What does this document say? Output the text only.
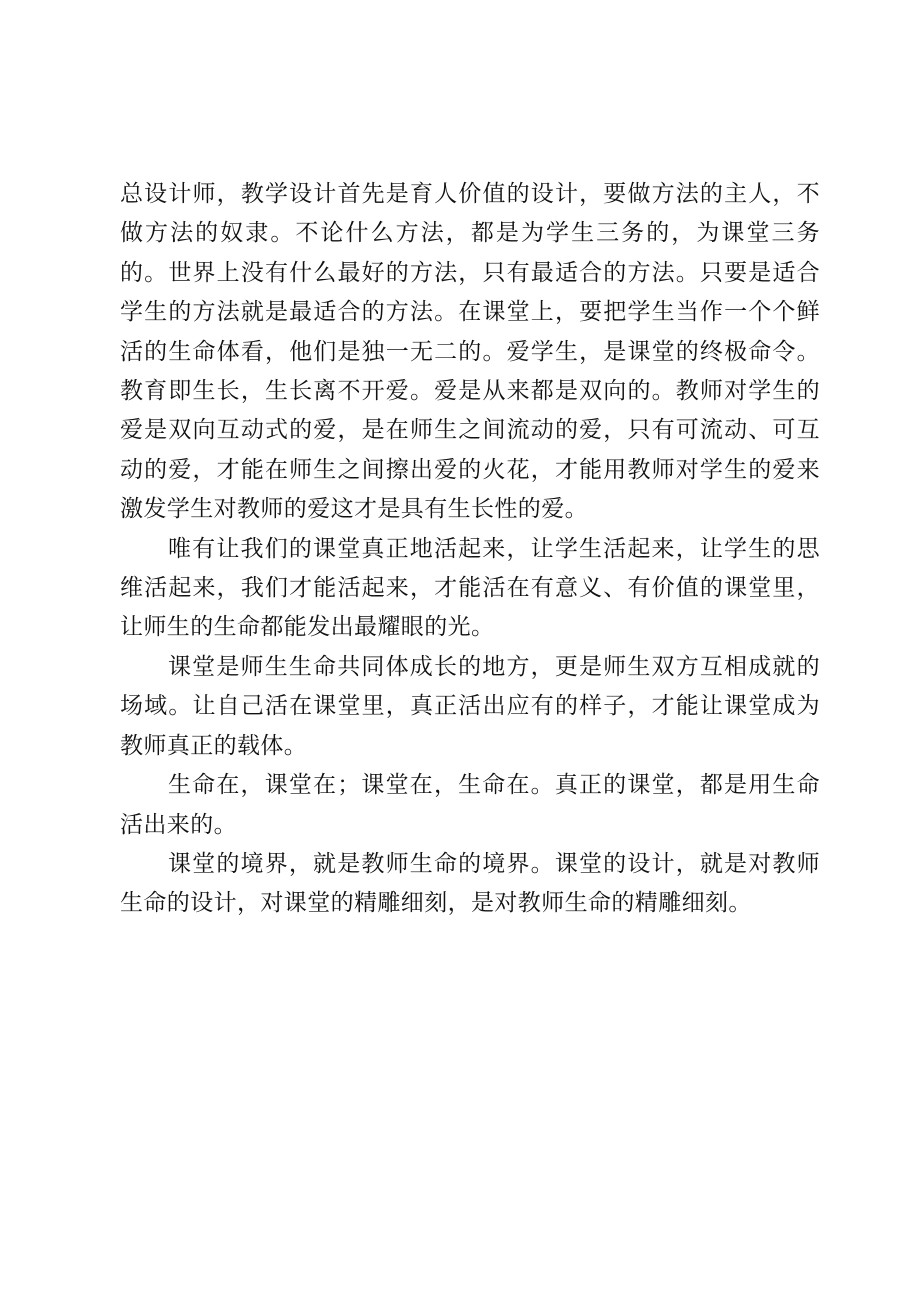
总设计师，教学设计首先是育人价值的设计，要做方法的主人，不做方法的奴隶。不论什么方法，都是为学生三务的，为课堂三务的。世界上没有什么最好的方法，只有最适合的方法。只要是适合学生的方法就是最适合的方法。在课堂上，要把学生当作一个个鲜活的生命体看，他们是独一无二的。爱学生，是课堂的终极命令。教育即生长，生长离不开爱。爱是从来都是双向的。教师对学生的爱是双向互动式的爱，是在师生之间流动的爱，只有可流动、可互动的爱，才能在师生之间擦出爱的火花，才能用教师对学生的爱来激发学生对教师的爱这才是具有生长性的爱。

唯有让我们的课堂真正地活起来，让学生活起来，让学生的思维活起来，我们才能活起来，才能活在有意义、有价值的课堂里，让师生的生命都能发出最耀眼的光。

课堂是师生生命共同体成长的地方，更是师生双方互相成就的场域。让自己活在课堂里，真正活出应有的样子，才能让课堂成为教师真正的载体。

生命在，课堂在；课堂在，生命在。真正的课堂，都是用生命活出来的。

课堂的境界，就是教师生命的境界。课堂的设计，就是对教师生命的设计，对课堂的精雕细刻，是对教师生命的精雕细刻。
